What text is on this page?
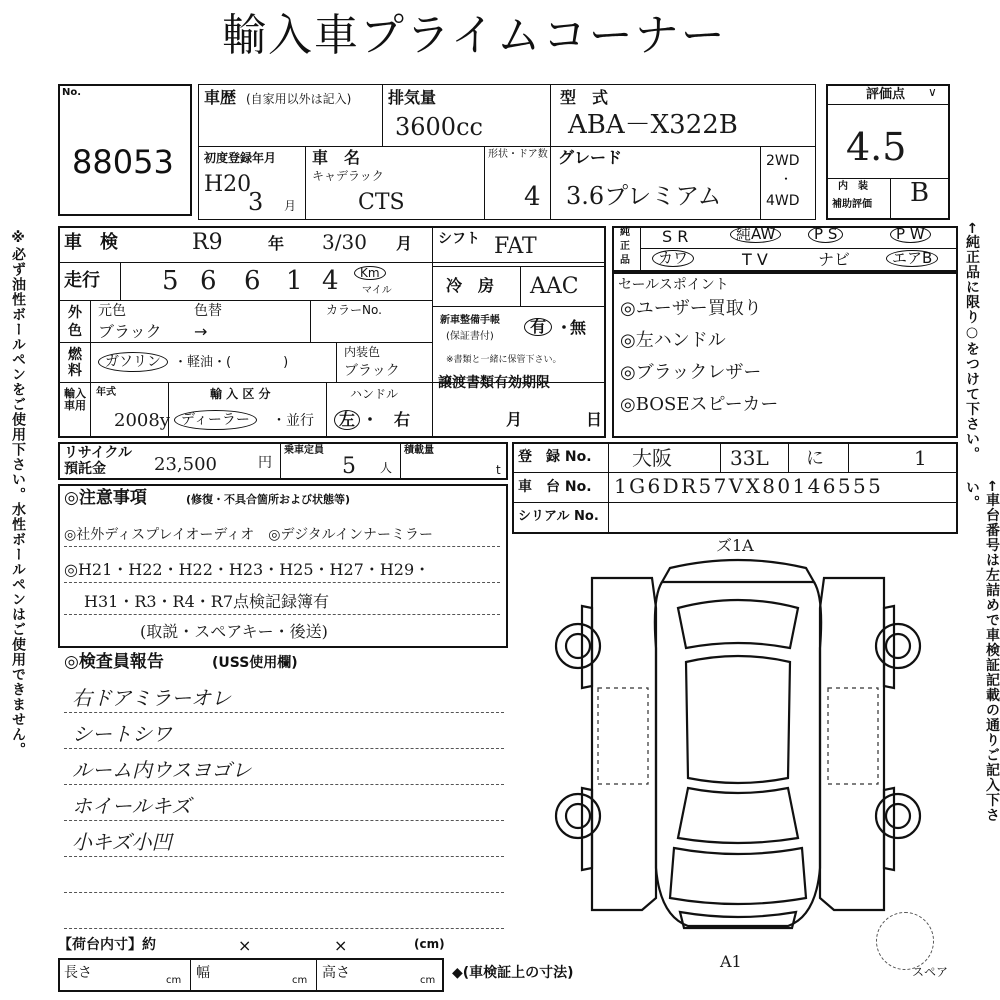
輸入車プライムコーナー
※必ず油性ボールペンをご使用下さい。水性ボールペンはご使用できません。	←純正品に限り○をつけて下さい。
←車台番号は左詰めで車検証記載の通りご記入下さい。
No.
88053
車歴 (自家用以外は記入) 排気量
3600cc
型　式
ABA－X322B
初度登録年月
H20
3 月
車　名
キャデラック
CTS
形状・ドア数
4
グレード
3.6プレミアム
2WD
・
4WD
評価点 ∨
4.5
内　装
補助評価 B
車　検	R9	年 3/30 月
走行 5 6 6 1 4	Km
マイル
シフト FAT
冷　房 AAC
新車整備手帳
(保証書付)
有 ・
無
※書類と一緒に保管下さい。
譲渡書類有効期限
月	日
外
色
元色
ブラック
色替
→
カラーNo.
燃
料
ガソリン	・軽油・(　　　　)
内装色
ブラック
輸入車用
年式
2008y
輸 入 区 分
ディーラー	・並行
ハンドル
左 ・　右
リサイクル
預託金	23,500	円
乗車定員
5 人
積載量
t
純
正
品
S R	純AW	P S	P W
カワ	T V	ナビ	エアB
セールスポイント
◎ユーザー買取り
◎左ハンドル
◎ブラックレザー
◎BOSEスピーカー
登　録 No. 大阪	33L に	1
車　台 No. 1G6DR57VX80146555
シリアル No.
◎注意事項	(修復・不具合箇所および状態等)
◎社外ディスプレイオーディオ　◎デジタルインナーミラー
◎H21・H22・H22・H23・H25・H27・H29・
H31・R3・R4・R7点検記録簿有
(取説・スペアキー・後送)
◎検査員報告	(USS使用欄)
右ドアミラーオレ
シートシワ
ルーム内ウスヨゴレ
ホイールキズ
小キズ小凹
ズ1A
A1
スペア
【荷台内寸】約	×	×	(cm)
長さ	cm 幅	cm 高さ	cm ◆(車検証上の寸法)
